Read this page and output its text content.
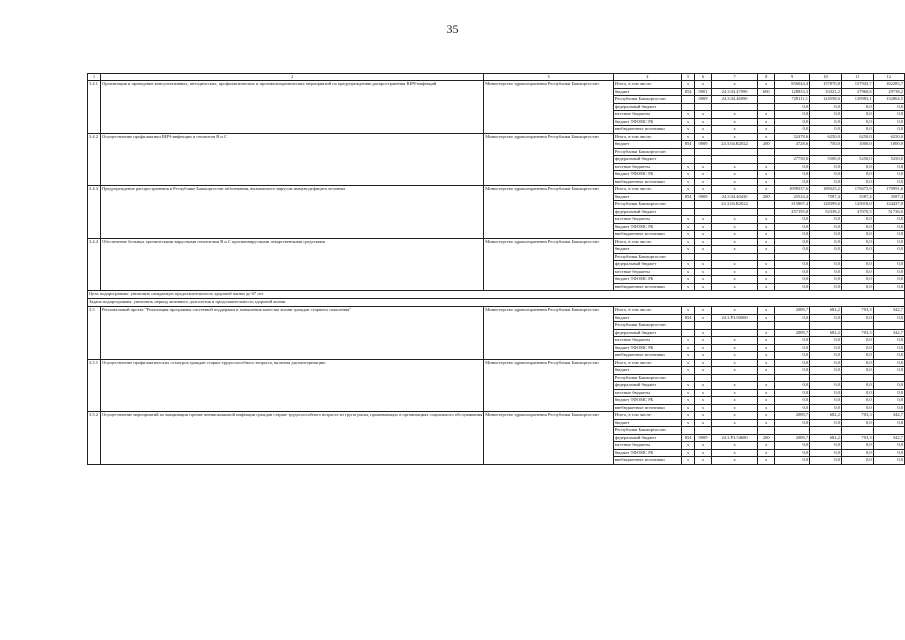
35
1	2	3	4	5	6	7	8	9	10	11	12
3.4.1	Организация и проведение консультативных, методических, профилактических и противоэпидемических мероприятий по предупреждению распространения ВИЧ-инфекций	Министерство здравоохранения Республики Башкортостан	Итого, в том числе:	х	х	х	х	856044,4	157870,8	157943,7	162283,7
			бюджет	854	0901	24.3.04.47090	600	128833,3	33321,2	27960,6	29738,2
			Республики Башкортостан		0909	24.3.04.46090		728111,1	124558,6	129983,1	132864,5
			федеральный бюджет					0,0	0,0	0,0	0,0
			местные бюджеты	х	х	х	х	0,0	0,0	0,0	0,0
			бюджет ТФОМС РБ	х	х	х	х	0,0	0,0	0,0	0,0
			внебюджетные источники	х	х	х	х	0,0	0,0	0,0	0,0
3.4.2	Осуществление профилактики ВИЧ-инфекции и гепатитов В и С	Министерство здравоохранения Республики Башкортостан	Итого, в том числе:	х	х	х	х	32478,6	6250,0	6250,0	6250,0
			бюджет	854	0909	24.3.04.R2022	200	4728,6	750,0	1000,0	1000,0
			Республики Башкортостан								
			федеральный бюджет					27750,0	5500,0	5250,0	5250,0
			местные бюджеты	х	х	х	х	0,0	0,0	0,0	0,0
			бюджет ТФОМС РБ	х	х	х	х	0,0	0,0	0,0	0,0
			внебюджетные источники	х	х	х	х	0,0	0,0	0,0	0,0
3.4.3	Предупреждение распространения в Республике Башкортостан заболевания, вызываемого вирусом иммунодефицита человека	Министерство здравоохранения Республики Башкортостан	Итого, в том числе:	х	х	х	х	1098337,6	188325,2	176675,9	179991,6
			бюджет	854	0909	24.3.04.40430	200	25524,4	7587,4	3587,4	3587,4
			Республики Башкортостан			24.3.04.R2022		315807,4	128399,6	125018,0	124437,0
			федеральный бюджет					257195,8	52338,2	47070,5	51736,6
			местные бюджеты	х	х	х	х	0,0	0,0	0,0	0,0
			бюджет ТФОМС РБ	х	х	х	х	0,0	0,0	0,0	0,0
			внебюджетные источники	х	х	х	х	0,0	0,0	0,0	0,0
3.4.4	Обеспечение больных хроническими вирусными гепатитами В и С противовирусными лекарственными средствами	Министерство здравоохранения Республики Башкортостан	Итого, в том числе:	х	х	х	х	0,0	0,0	0,0	0,0
			бюджет	х	х	х	х	0,0	0,0	0,0	0,0
			Республики Башкортостан								
			федеральный бюджет	х	х	х	х	0,0	0,0	0,0	0,0
			местные бюджеты	х	х	х	х	0,0	0,0	0,0	0,0
			бюджет ТФОМС РБ	х	х	х	х	0,0	0,0	0,0	0,0
			внебюджетные источники	х	х	х	х	0,0	0,0	0,0	0,0
Цель подпрограммы: увеличить ожидаемую продолжительность здоровой жизни до 67 лет											
Задача подпрограммы: увеличить период активного долголетия и продолжительность здоровой жизни											
3.5	Региональный проект "Реализация программы системной поддержки и повышения качества жизни граждан старшего поколения"	Министерство здравоохранения Республики Башкортостан	Итого, в том числе:	х	х	х	х	2089,7	682,2	703,3	342,7
			бюджет	854	х	24.3.P3.00000	х	0,0	0,0	0,0	0,0
			Республики Башкортостан								
			федеральный бюджет		х		х	2089,7	682,2	703,3	342,7
			местные бюджеты	х	х	х	х	0,0	0,0	0,0	0,0
			бюджет ТФОМС РБ	х	х	х	х	0,0	0,0	0,0	0,0
			внебюджетные источники	х	х	х	х	0,0	0,0	0,0	0,0
3.5.1	Осуществление профилактических осмотров граждан старше трудоспособного возраста, включая диспансеризацию	Министерство здравоохранения Республики Башкортостан	Итого, в том числе:	х	х	х	х	0,0	0,0	0,0	0,0
			бюджет	х	х	х	х	0,0	0,0	0,0	0,0
			Республики Башкортостан								
			федеральный бюджет	х	х	х	х	0,0	0,0	0,0	0,0
			местные бюджеты	х	х	х	х	0,0	0,0	0,0	0,0
			бюджет ТФОМС РБ	х	х	х	х	0,0	0,0	0,0	0,0
			внебюджетные источники	х	х	х	х	0,0	0,0	0,0	0,0
3.5.2	Осуществление мероприятий по вакцинации против пневмококковой инфекции граждан старше трудоспособного возраста из групп риска, проживающих в организациях социального обслуживания	Министерство здравоохранения Республики Башкортостан	Итого, в том числе:	х	х	х	х	2089,7	682,2	703,3	342,7
			бюджет	х	х	х	х	0,0	0,0	0,0	0,0
			Республики Башкортостан								
			федеральный бюджет	854	0909	24.3.P3.54680	200	2089,7	682,2	703,3	342,7
			местные бюджеты	х	х	х	х	0,0	0,0	0,0	0,0
			бюджет ТФОМС РБ	х	х	х	х	0,0	0,0	0,0	0,0
			внебюджетные источники	х	х	х	х	0,0	0,0	0,0	0,0
